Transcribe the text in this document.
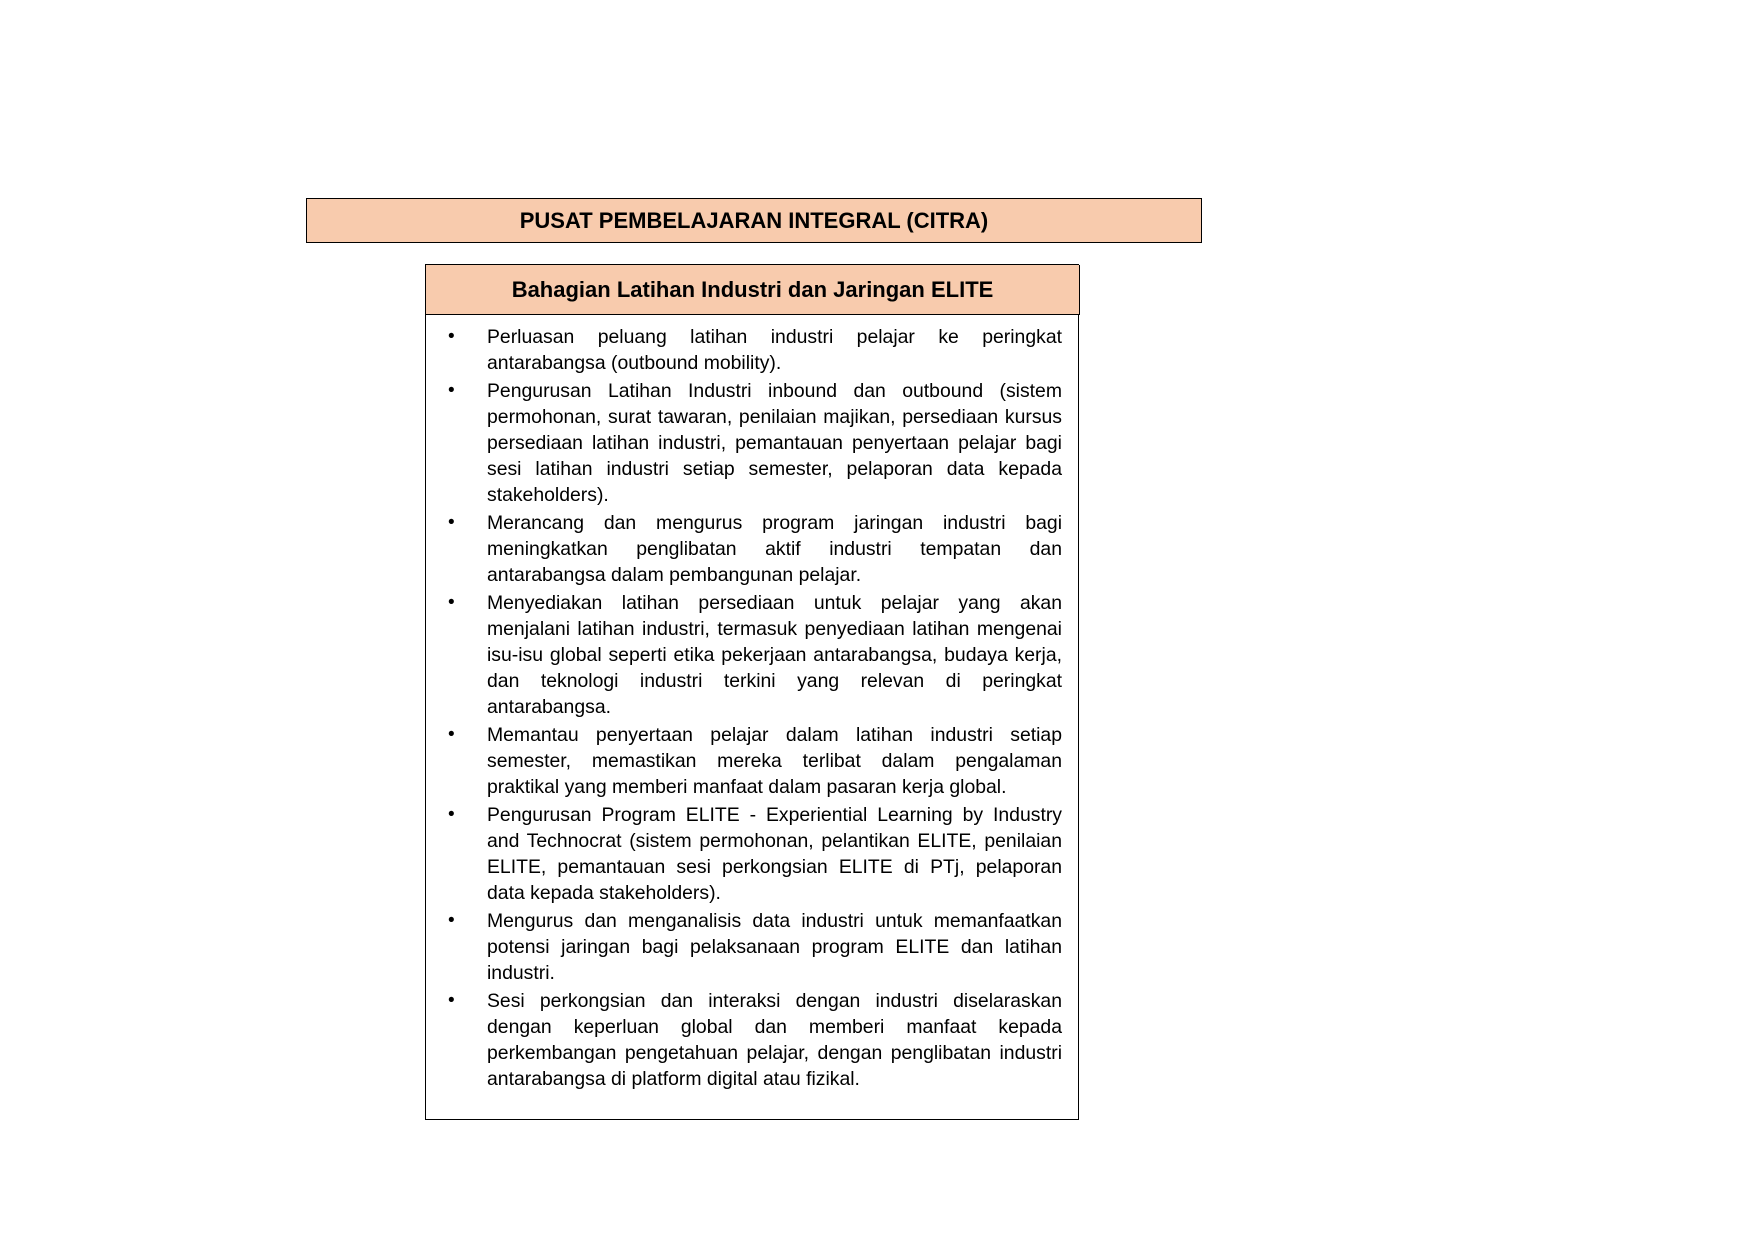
PUSAT PEMBELAJARAN INTEGRAL (CITRA)
Bahagian Latihan Industri dan Jaringan ELITE
• Perluasan peluang latihan industri pelajar ke peringkat antarabangsa (outbound mobility).
• Pengurusan Latihan Industri inbound dan outbound (sistem permohonan, surat tawaran, penilaian majikan, persediaan kursus persediaan latihan industri, pemantauan penyertaan pelajar bagi sesi latihan industri setiap semester, pelaporan data kepada stakeholders).
• Merancang dan mengurus program jaringan industri bagi meningkatkan penglibatan aktif industri tempatan dan antarabangsa dalam pembangunan pelajar.
• Menyediakan latihan persediaan untuk pelajar yang akan menjalani latihan industri, termasuk penyediaan latihan mengenai isu-isu global seperti etika pekerjaan antarabangsa, budaya kerja, dan teknologi industri terkini yang relevan di peringkat antarabangsa.
• Memantau penyertaan pelajar dalam latihan industri setiap semester, memastikan mereka terlibat dalam pengalaman praktikal yang memberi manfaat dalam pasaran kerja global.
• Pengurusan Program ELITE - Experiential Learning by Industry and Technocrat (sistem permohonan, pelantikan ELITE, penilaian ELITE, pemantauan sesi perkongsian ELITE di PTj, pelaporan data kepada stakeholders).
• Mengurus dan menganalisis data industri untuk memanfaatkan potensi jaringan bagi pelaksanaan program ELITE dan latihan industri.
• Sesi perkongsian dan interaksi dengan industri diselaraskan dengan keperluan global dan memberi manfaat kepada perkembangan pengetahuan pelajar, dengan penglibatan industri antarabangsa di platform digital atau fizikal.
